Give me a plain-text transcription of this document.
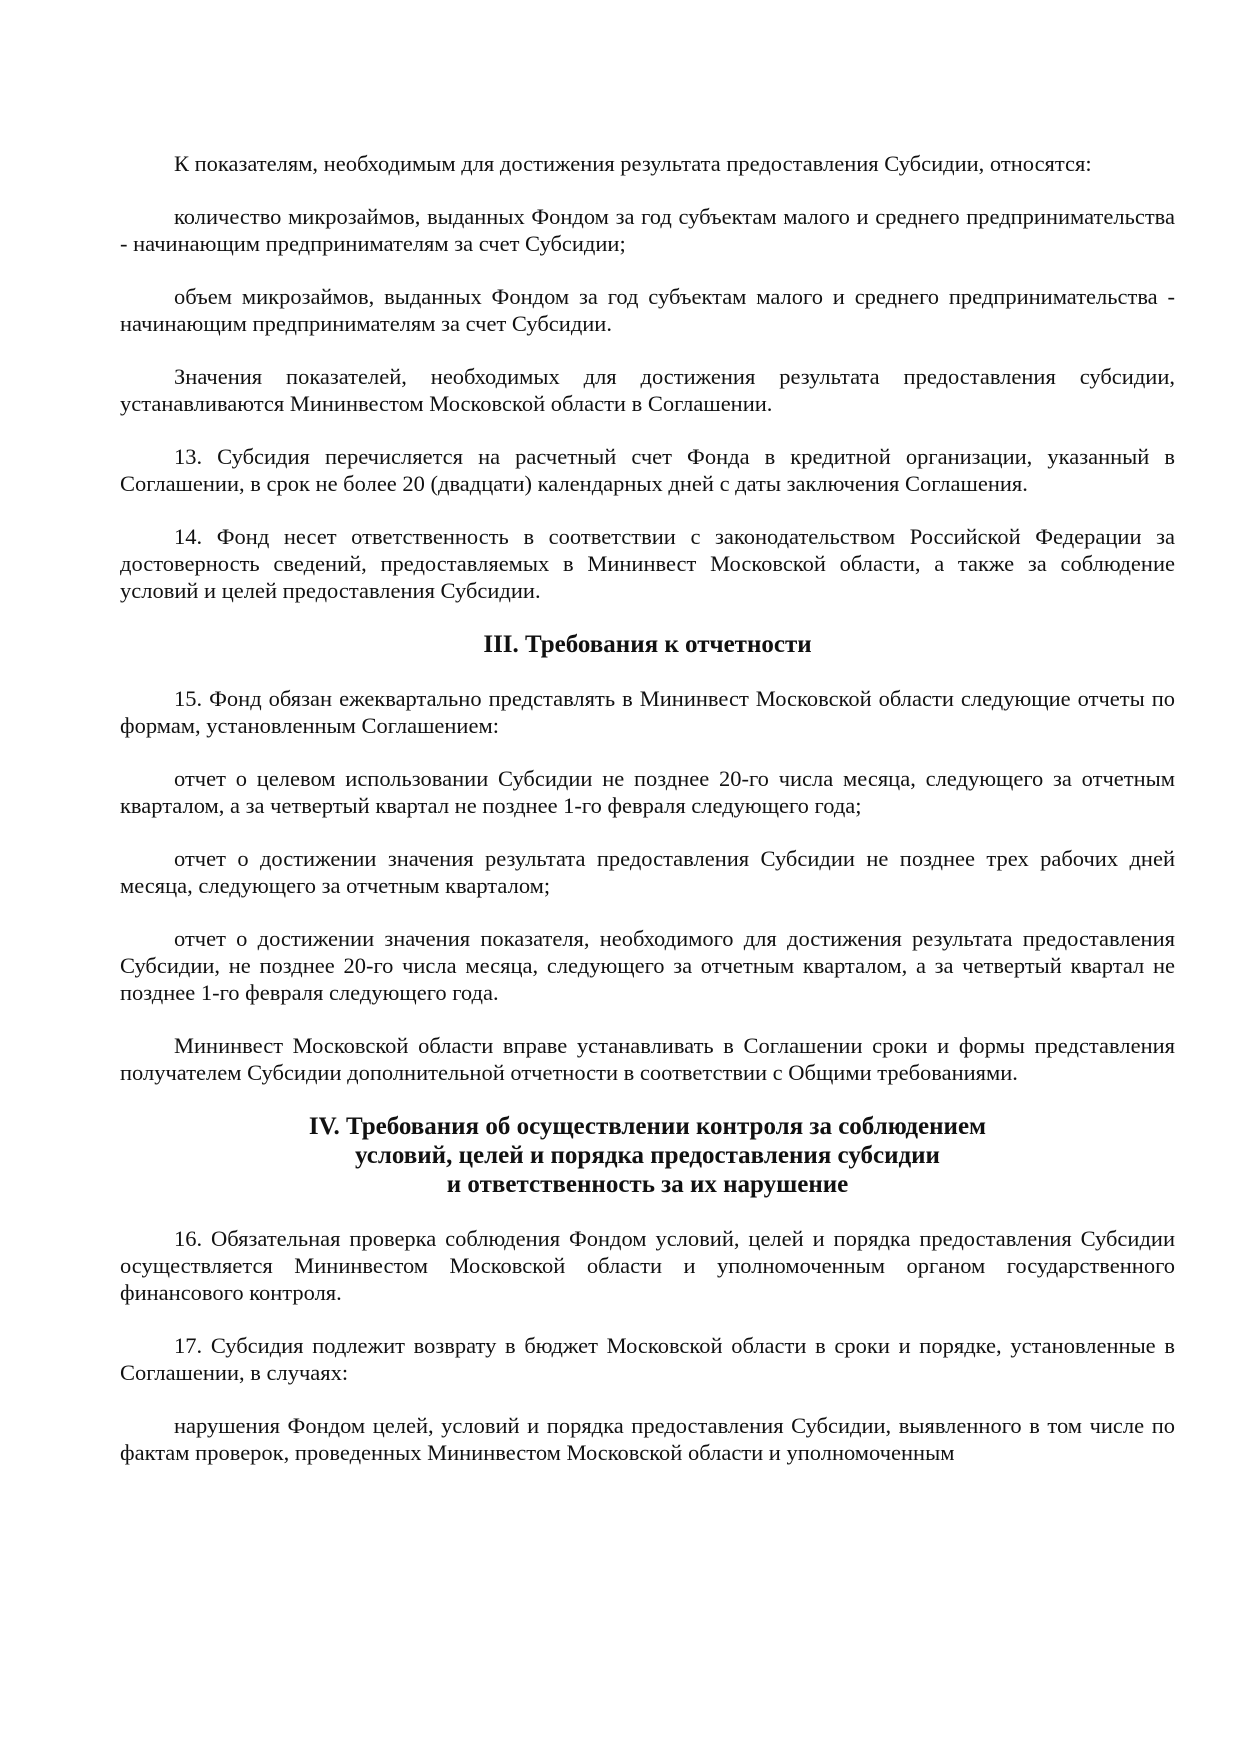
К показателям, необходимым для достижения результата предоставления Субсидии, относятся:

количество микрозаймов, выданных Фондом за год субъектам малого и среднего предпринимательства - начинающим предпринимателям за счет Субсидии;

объем микрозаймов, выданных Фондом за год субъектам малого и среднего предпринимательства - начинающим предпринимателям за счет Субсидии.

Значения показателей, необходимых для достижения результата предоставления субсидии, устанавливаются Мининвестом Московской области в Соглашении.

13. Субсидия перечисляется на расчетный счет Фонда в кредитной организации, указанный в Соглашении, в срок не более 20 (двадцати) календарных дней с даты заключения Соглашения.

14. Фонд несет ответственность в соответствии с законодательством Российской Федерации за достоверность сведений, предоставляемых в Мининвест Московской области, а также за соблюдение условий и целей предоставления Субсидии.

III. Требования к отчетности

15. Фонд обязан ежеквартально представлять в Мининвест Московской области следующие отчеты по формам, установленным Соглашением:

отчет о целевом использовании Субсидии не позднее 20-го числа месяца, следующего за отчетным кварталом, а за четвертый квартал не позднее 1-го февраля следующего года;

отчет о достижении значения результата предоставления Субсидии не позднее трех рабочих дней месяца, следующего за отчетным кварталом;

отчет о достижении значения показателя, необходимого для достижения результата предоставления Субсидии, не позднее 20-го числа месяца, следующего за отчетным кварталом, а за четвертый квартал не позднее 1-го февраля следующего года.

Мининвест Московской области вправе устанавливать в Соглашении сроки и формы представления получателем Субсидии дополнительной отчетности в соответствии с Общими требованиями.

IV. Требования об осуществлении контроля за соблюдением
условий, целей и порядка предоставления субсидии
и ответственность за их нарушение

16. Обязательная проверка соблюдения Фондом условий, целей и порядка предоставления Субсидии осуществляется Мининвестом Московской области и уполномоченным органом государственного финансового контроля.

17. Субсидия подлежит возврату в бюджет Московской области в сроки и порядке, установленные в Соглашении, в случаях:

нарушения Фондом целей, условий и порядка предоставления Субсидии, выявленного в том числе по фактам проверок, проведенных Мининвестом Московской области и уполномоченным
